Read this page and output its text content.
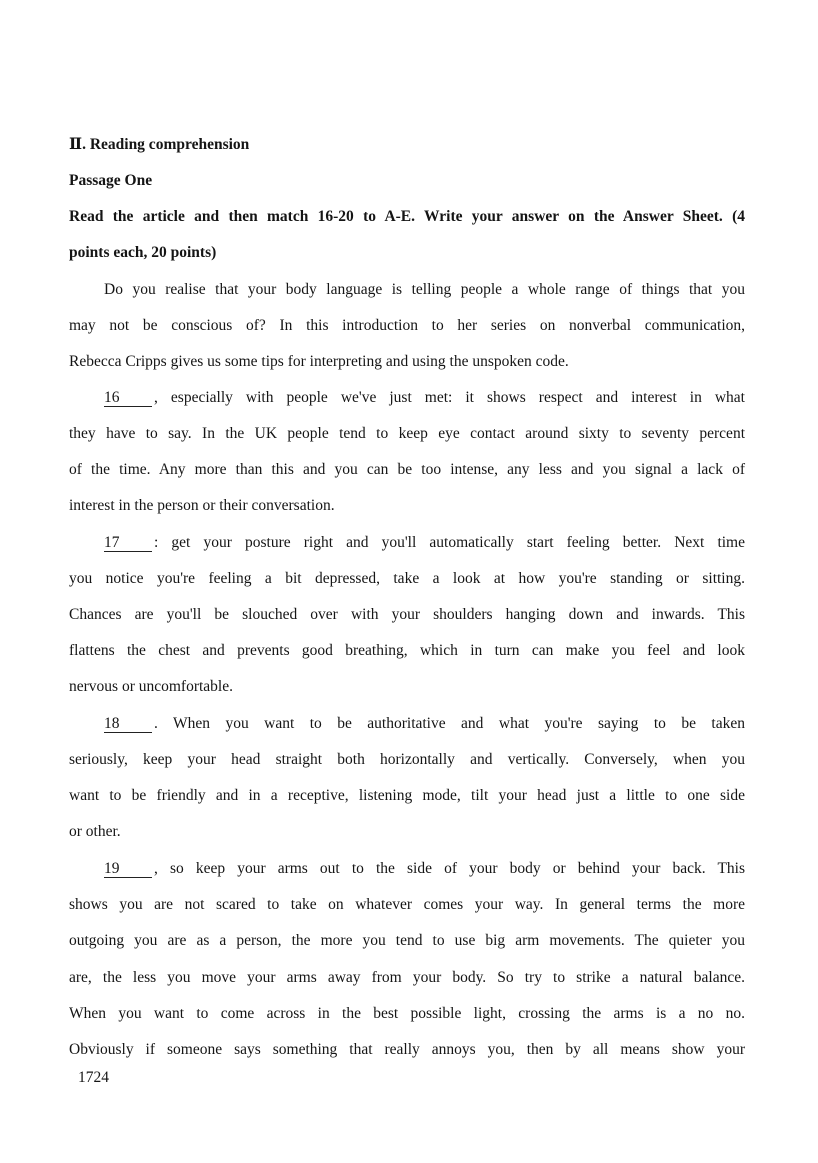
Ⅱ. Reading comprehension
Passage One
Read the article and then match 16-20 to A-E. Write your answer on the Answer Sheet. (4
points each, 20 points)
Do you realise that your body language is telling people a whole range of things that you
may not be conscious of? In this introduction to her series on nonverbal communication,
Rebecca Cripps gives us some tips for interpreting and using the unspoken code.
16 , especially with people we've just met: it shows respect and interest in what
they have to say. In the UK people tend to keep eye contact around sixty to seventy percent
of the time. Any more than this and you can be too intense, any less and you signal a lack of
interest in the person or their conversation.
17 : get your posture right and you'll automatically start feeling better. Next time
you notice you're feeling a bit depressed, take a look at how you're standing or sitting.
Chances are you'll be slouched over with your shoulders hanging down and inwards. This
flattens the chest and prevents good breathing, which in turn can make you feel and look
nervous or uncomfortable.
18 . When you want to be authoritative and what you're saying to be taken
seriously, keep your head straight both horizontally and vertically. Conversely, when you
want to be friendly and in a receptive, listening mode, tilt your head just a little to one side
or other.
19 , so keep your arms out to the side of your body or behind your back. This
shows you are not scared to take on whatever comes your way. In general terms the more
outgoing you are as a person, the more you tend to use big arm movements. The quieter you
are, the less you move your arms away from your body. So try to strike a natural balance.
When you want to come across in the best possible light, crossing the arms is a no no.
Obviously if someone says something that really annoys you, then by all means show your
1724
